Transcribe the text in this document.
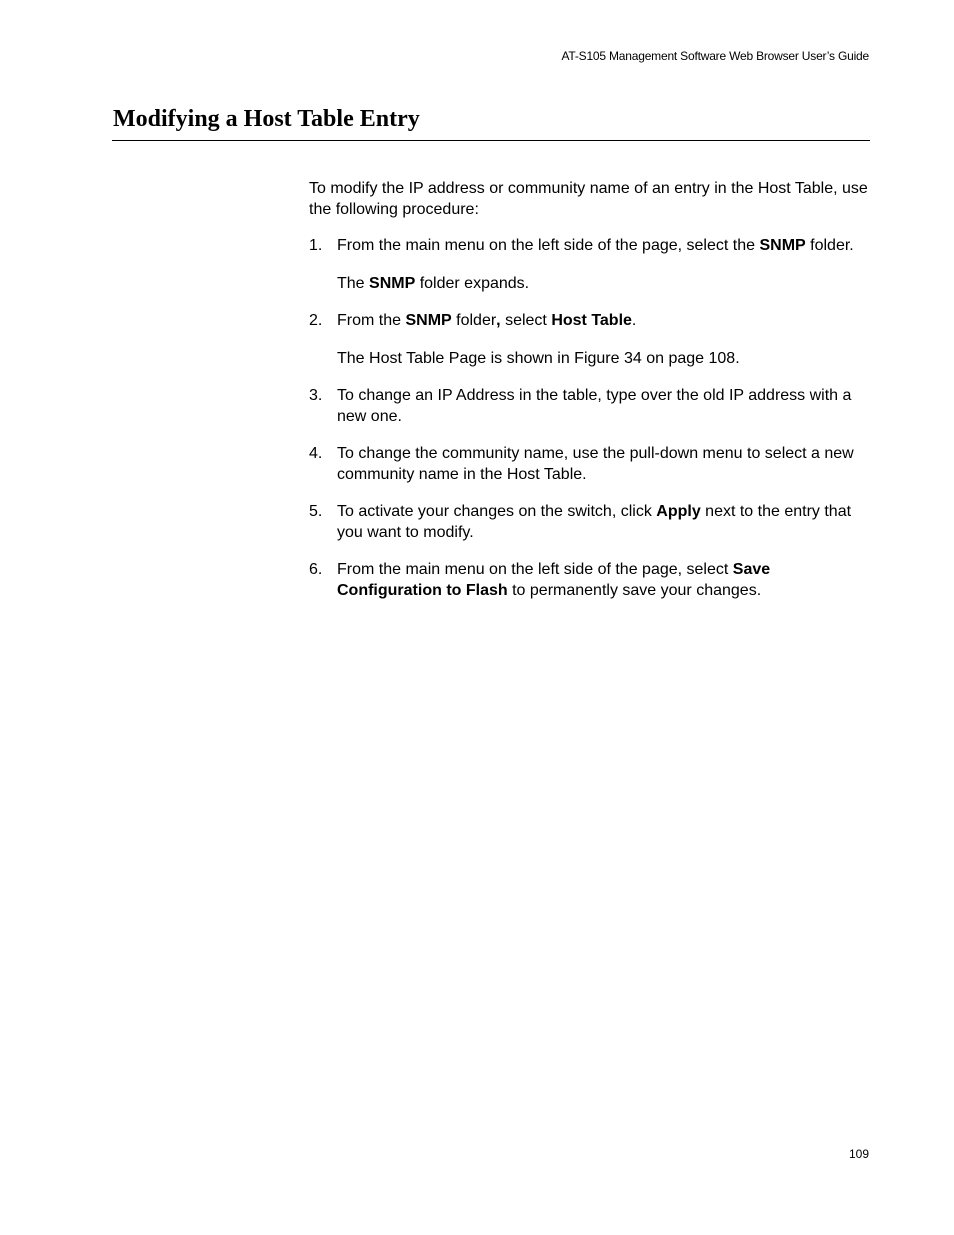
AT-S105 Management Software Web Browser User’s Guide
Modifying a Host Table Entry

To modify the IP address or community name of an entry in the Host Table, use the following procedure:

1. From the main menu on the left side of the page, select the SNMP folder.
The SNMP folder expands.
2. From the SNMP folder, select Host Table.
The Host Table Page is shown in Figure 34 on page 108.
3. To change an IP Address in the table, type over the old IP address with a new one.
4. To change the community name, use the pull-down menu to select a new community name in the Host Table.
5. To activate your changes on the switch, click Apply next to the entry that you want to modify.
6. From the main menu on the left side of the page, select Save Configuration to Flash to permanently save your changes.
109
